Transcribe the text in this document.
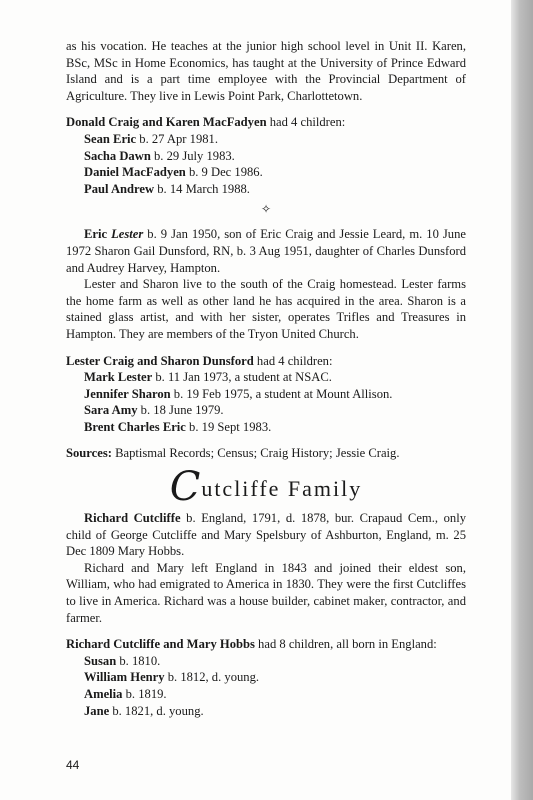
as his vocation. He teaches at the junior high school level in Unit II. Karen, BSc, MSc in Home Economics, has taught at the University of Prince Edward Island and is a part time employee with the Provincial Department of Agriculture. They live in Lewis Point Park, Charlottetown.

Donald Craig and Karen MacFadyen had 4 children:
Sean Eric b. 27 Apr 1981.
Sacha Dawn b. 29 July 1983.
Daniel MacFadyen b. 9 Dec 1986.
Paul Andrew b. 14 March 1988.
✧

Eric Lester b. 9 Jan 1950, son of Eric Craig and Jessie Leard, m. 10 June 1972 Sharon Gail Dunsford, RN, b. 3 Aug 1951, daughter of Charles Dunsford and Audrey Harvey, Hampton.

Lester and Sharon live to the south of the Craig homestead. Lester farms the home farm as well as other land he has acquired in the area. Sharon is a stained glass artist, and with her sister, operates Trifles and Treasures in Hampton. They are members of the Tryon United Church.

Lester Craig and Sharon Dunsford had 4 children:
Mark Lester b. 11 Jan 1973, a student at NSAC.
Jennifer Sharon b. 19 Feb 1975, a student at Mount Allison.
Sara Amy b. 18 June 1979.
Brent Charles Eric b. 19 Sept 1983.

Sources: Baptismal Records; Census; Craig History; Jessie Craig.

Cutcliffe Family

Richard Cutcliffe b. England, 1791, d. 1878, bur. Crapaud Cem., only child of George Cutcliffe and Mary Spelsbury of Ashburton, England, m. 25 Dec 1809 Mary Hobbs.

Richard and Mary left England in 1843 and joined their eldest son, William, who had emigrated to America in 1830. They were the first Cutcliffes to live in America. Richard was a house builder, cabinet maker, contractor, and farmer.

Richard Cutcliffe and Mary Hobbs had 8 children, all born in England:
Susan b. 1810.
William Henry b. 1812, d. young.
Amelia b. 1819.
Jane b. 1821, d. young.
44
